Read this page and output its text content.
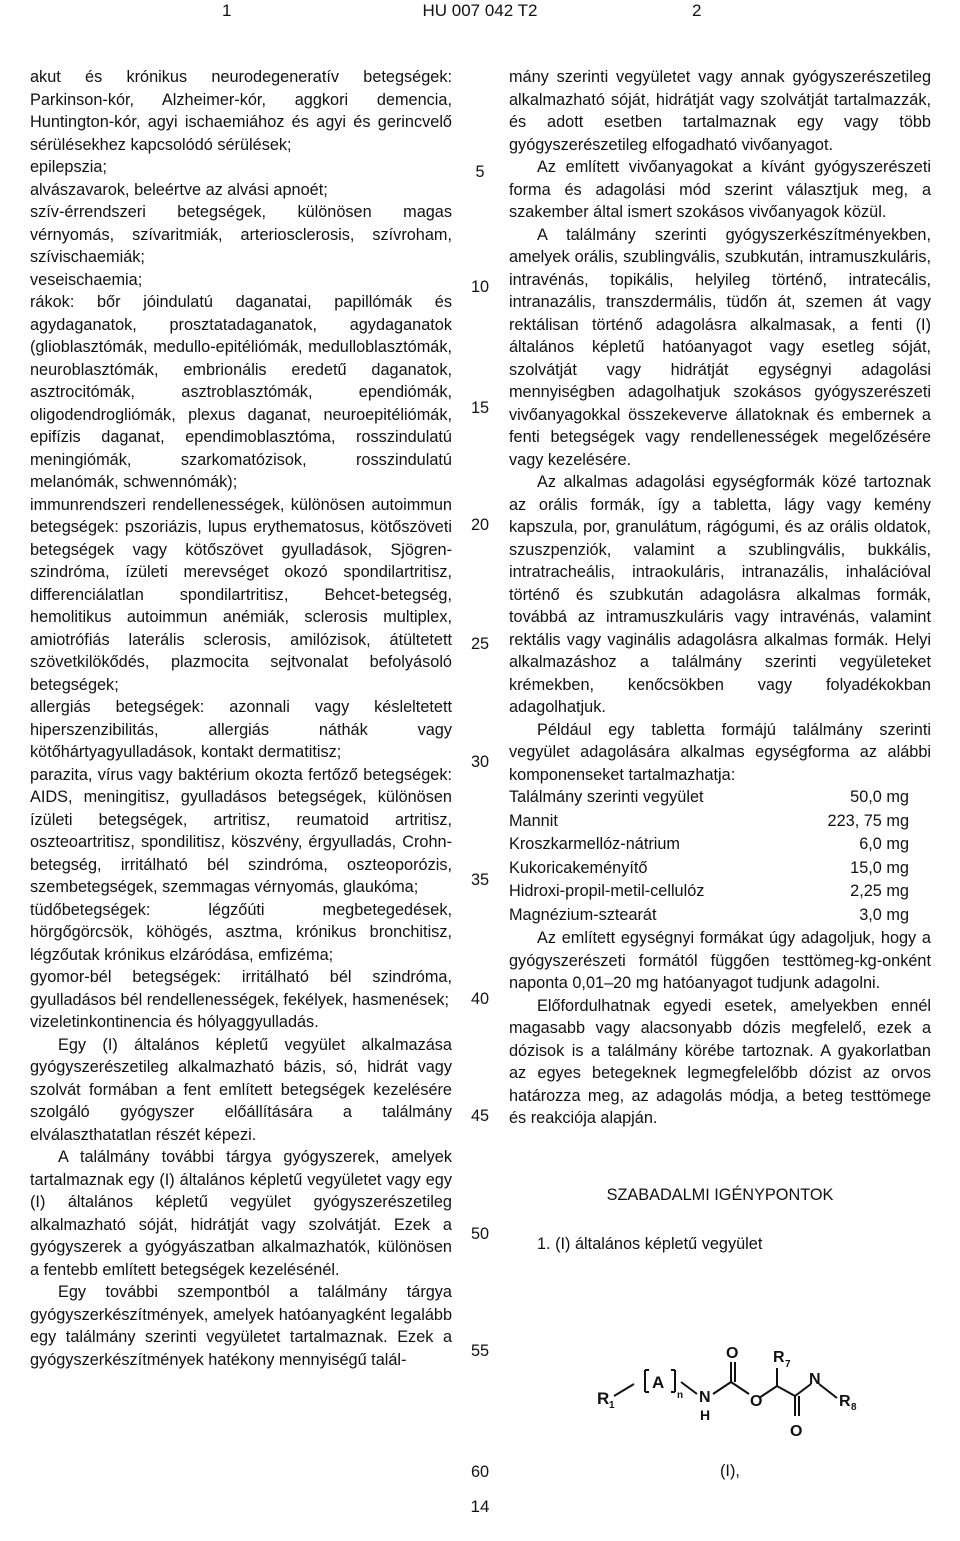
1	HU 007 042 T2	2

akut és krónikus neurodegeneratív betegségek: Parkinson-kór, Alzheimer-kór, aggkori demencia, Huntington-kór, agyi ischaemiához és agyi és gerincvelő sérülésekhez kapcsolódó sérülések;

epilepszia;

alvászavarok, beleértve az alvási apnoét;

szív-érrendszeri betegségek, különösen magas vérnyomás, szívaritmiák, arteriosclerosis, szívroham, szívischaemiák;

veseischaemia;

rákok: bőr jóindulatú daganatai, papillómák és agydaganatok, prosztatadaganatok, agydaganatok (glioblasztómák, medullo-epitéliómák, medulloblasztómák, neuroblasztómák, embrionális eredetű daganatok, asztrocitómák, asztroblasztómák, ependiómák, oligodendrogliómák, plexus daganat, neuroepitéliómák, epifízis daganat, ependimoblasztóma, rosszindulatú meningiómák, szarkomatózisok, rosszindulatú melanómák, schwennómák);

immunrendszeri rendellenességek, különösen autoimmun betegségek: pszoriázis, lupus erythematosus, kötőszöveti betegségek vagy kötőszövet gyulladások, Sjögren-szindróma, ízületi merevséget okozó spondilartritisz, differenciálatlan spondilartritisz, Behcet-betegség, hemolitikus autoimmun anémiák, sclerosis multiplex, amiotrófiás laterális sclerosis, amilózisok, átültetett szövetkilökődés, plazmocita sejtvonalat befolyásoló betegségek;

allergiás betegségek: azonnali vagy késleltetett hiperszenzibilitás, allergiás náthák vagy kötőhártyagyulladások, kontakt dermatitisz;

parazita, vírus vagy baktérium okozta fertőző betegségek: AIDS, meningitisz, gyulladásos betegségek, különösen ízületi betegségek, artritisz, reumatoid artritisz, oszteoartritisz, spondilitisz, köszvény, érgyulladás, Crohn-betegség, irritálható bél szindróma, oszteoporózis, szembetegségek, szemmagas vérnyomás, glaukóma;

tüdőbetegségek: légzőúti megbetegedések, hörgőgörcsök, köhögés, asztma, krónikus bronchitisz, légzőutak krónikus elzáródása, emfizéma;

gyomor-bél betegségek: irritálható bél szindróma, gyulladásos bél rendellenességek, fekélyek, hasmenések;

vizeletinkontinencia és hólyaggyulladás.

Egy (I) általános képletű vegyület alkalmazása gyógyszerészetileg alkalmazható bázis, só, hidrát vagy szolvát formában a fent említett betegségek kezelésére szolgáló gyógyszer előállítására a találmány elválaszthatatlan részét képezi.

A találmány további tárgya gyógyszerek, amelyek tartalmaznak egy (I) általános képletű vegyületet vagy egy (I) általános képletű vegyület gyógyszerészetileg alkalmazható sóját, hidrátját vagy szolvátját. Ezek a gyógyszerek a gyógyászatban alkalmazhatók, különösen a fentebb említett betegségek kezelésénél.

Egy további szempontból a találmány tárgya gyógyszerkészítmények, amelyek hatóanyagként legalább egy találmány szerinti vegyületet tartalmaznak. Ezek a gyógyszerkészítmények hatékony mennyiségű talál-

5
10
15
20
25
30
35
40
45
50
55
60

mány szerinti vegyületet vagy annak gyógyszerészetileg alkalmazható sóját, hidrátját vagy szolvátját tartalmazzák, és adott esetben tartalmaznak egy vagy több gyógyszerészetileg elfogadható vivőanyagot.

Az említett vivőanyagokat a kívánt gyógyszerészeti forma és adagolási mód szerint választjuk meg, a szakember által ismert szokásos vivőanyagok közül.

A találmány szerinti gyógyszerkészítményekben, amelyek orális, szublingvális, szubkután, intramuszkuláris, intravénás, topikális, helyileg történő, intratecális, intranazális, transzdermális, tüdőn át, szemen át vagy rektálisan történő adagolásra alkalmasak, a fenti (I) általános képletű hatóanyagot vagy esetleg sóját, szolvátját vagy hidrátját egységnyi adagolási mennyiségben adagolhatjuk szokásos gyógyszerészeti vivőanyagokkal összekeverve állatoknak és embernek a fenti betegségek vagy rendellenességek megelőzésére vagy kezelésére.

Az alkalmas adagolási egységformák közé tartoznak az orális formák, így a tabletta, lágy vagy kemény kapszula, por, granulátum, rágógumi, és az orális oldatok, szuszpenziók, valamint a szublingvális, bukkális, intratracheális, intraokuláris, intranazális, inhalációval történő és szubkután adagolásra alkalmas formák, továbbá az intramuszkuláris vagy intravénás, valamint rektális vagy vaginális adagolásra alkalmas formák. Helyi alkalmazáshoz a találmány szerinti vegyületeket krémekben, kenőcsökben vagy folyadékokban adagolhatjuk.

Például egy tabletta formájú találmány szerinti vegyület adagolására alkalmas egységforma az alábbi komponenseket tartalmazhatja:

Találmány szerinti vegyület	50,0 mg
Mannit	223, 75 mg
Kroszkarmellóz-nátrium	6,0 mg
Kukoricakeményítő	15,0 mg
Hidroxi-propil-metil-cellulóz	2,25 mg
Magnézium-sztearát	3,0 mg

Az említett egységnyi formákat úgy adagoljuk, hogy a gyógyszerészeti formától függően testtömeg-kg-onként naponta 0,01–20 mg hatóanyagot tudjunk adagolni.

Előfordulhatnak egyedi esetek, amelyekben ennél magasabb vagy alacsonyabb dózis megfelelő, ezek a dózisok is a találmány körébe tartoznak. A gyakorlatban az egyes betegeknek legmegfelelőbb dózist az orvos határozza meg, az adagolás módja, a beteg testtömege és reakciója alapján.

SZABADALMI IGÉNYPONTOK

1. (I) általános képletű vegyület

R 1
A
n N
H
O
O
R 7
N
R 8
O
(I),
14
